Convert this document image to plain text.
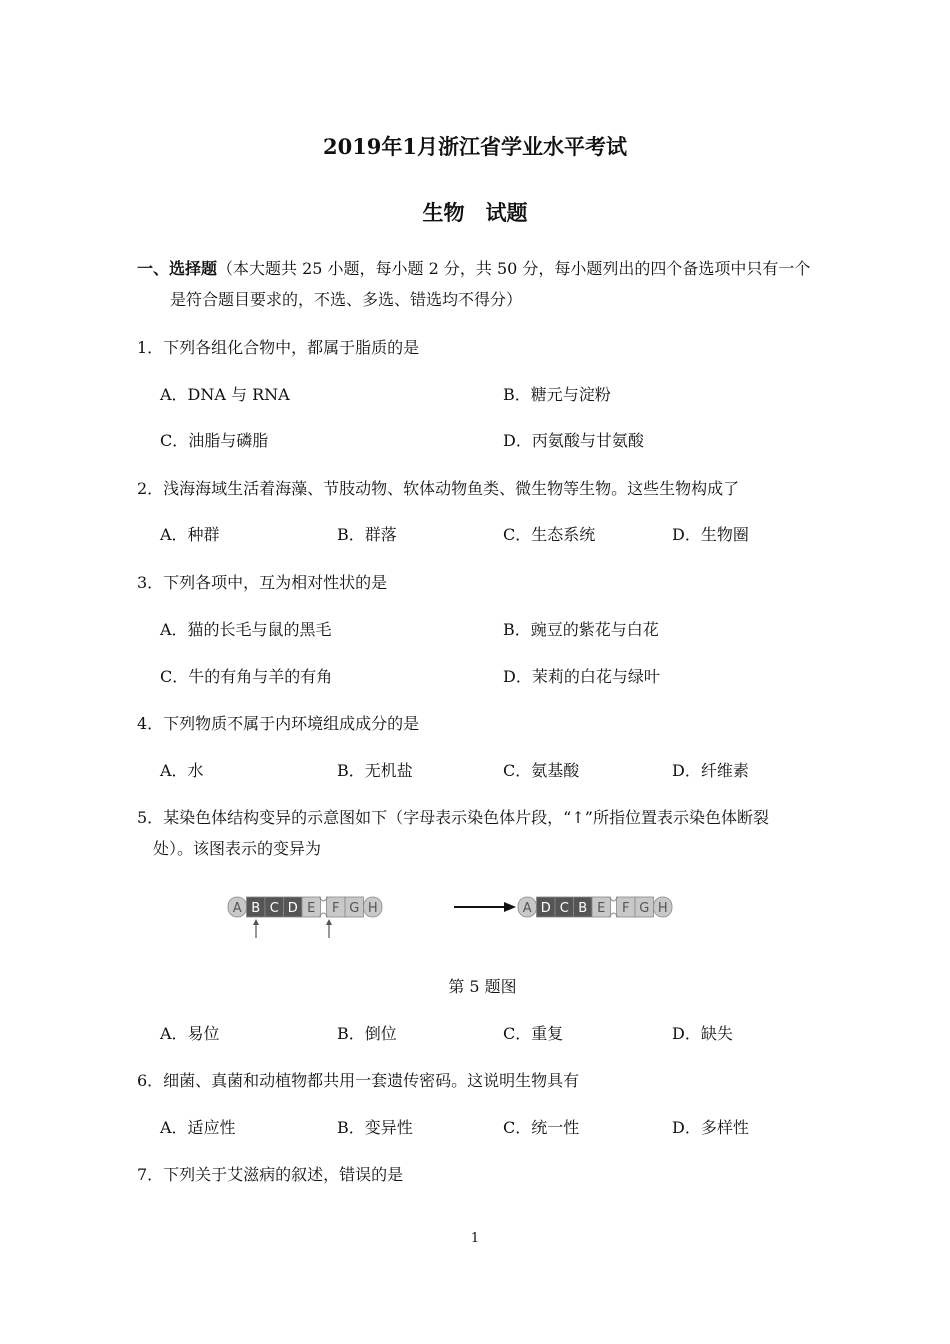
2019年1月浙江省学业水平考试
生物　试题
一、选择题（本大题共 25 小题，每小题 2 分，共 50 分，每小题列出的四个备选项中只有一个
是符合题目要求的，不选、多选、错选均不得分）
1．下列各组化合物中，都属于脂质的是
A．DNA 与 RNA	B．糖元与淀粉
C．油脂与磷脂	D．丙氨酸与甘氨酸
2．浅海海域生活着海藻、节肢动物、软体动物鱼类、微生物等生物。这些生物构成了
A．种群	B．群落	C．生态系统	D．生物圈
3．下列各项中，互为相对性状的是
A．猫的长毛与鼠的黑毛	B．豌豆的紫花与白花
C．牛的有角与羊的有角	D．茉莉的白花与绿叶
4．下列物质不属于内环境组成成分的是
A．水	B．无机盐	C．氨基酸	D．纤维素
5．某染色体结构变异的示意图如下（字母表示染色体片段，“↑”所指位置表示染色体断裂
处）。该图表示的变异为
A B C D E F G H	A D C B E F G H
第 5 题图
A．易位	B．倒位	C．重复	D．缺失
6．细菌、真菌和动植物都共用一套遗传密码。这说明生物具有
A．适应性	B．变异性	C．统一性	D．多样性
7．下列关于艾滋病的叙述，错误的是
1
